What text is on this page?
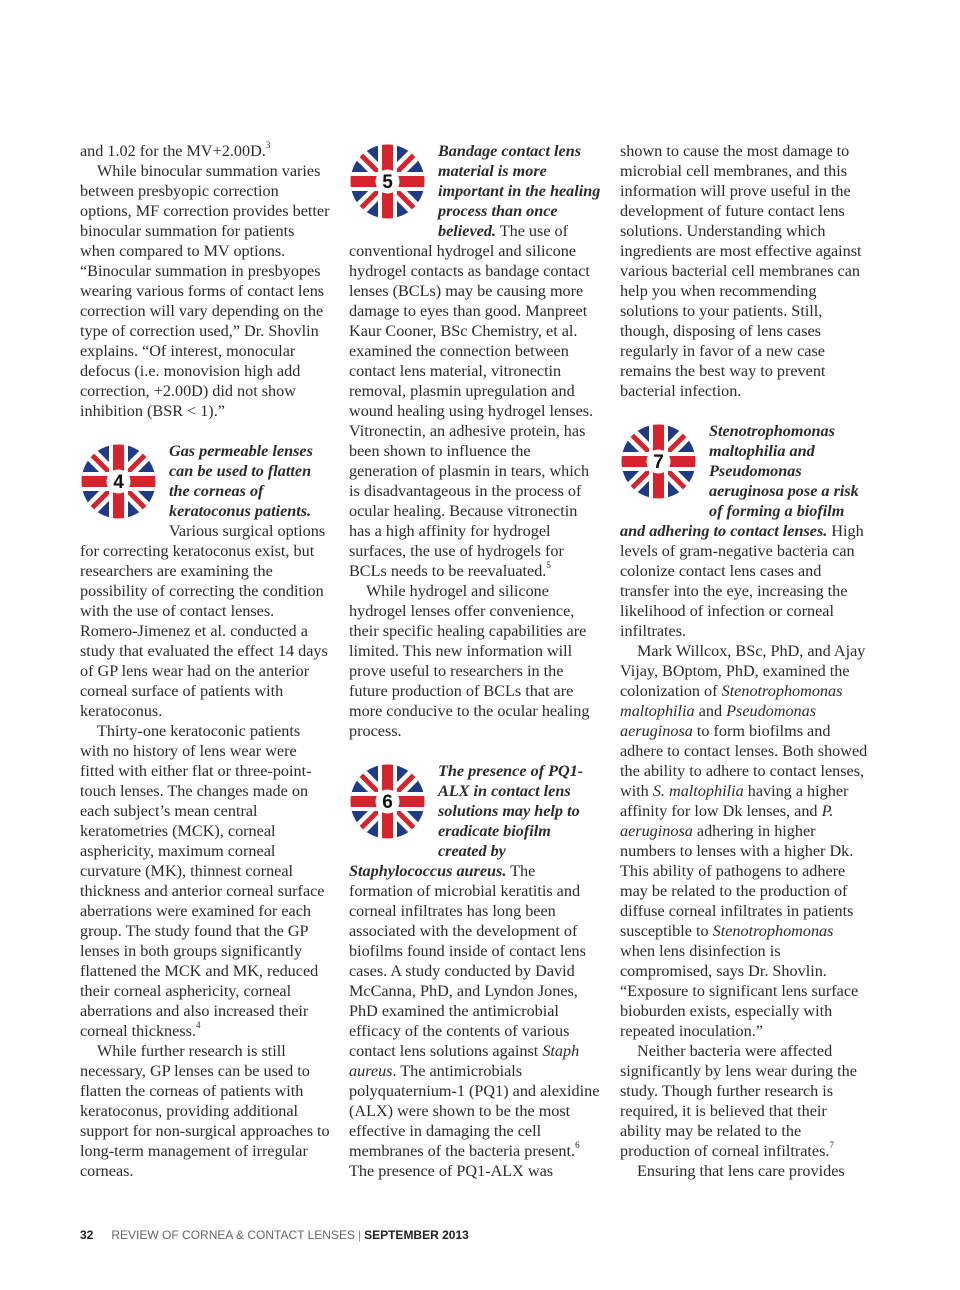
and 1.02 for the MV+2.00D.$^3$

While binocular summation varies between presbyopic correction options, MF correction provides better binocular summation for patients when compared to MV options. “Binocular summation in presbyopes wearing various forms of contact lens correction will vary depending on the type of correction used,” Dr. Shovlin explains. “Of interest, monocular defocus (i.e. monovision high add correction, +2.00D) did not show inhibition (BSR < 1).”

4

Gas permeable lenses can be used to flatten the corneas of keratoconus patients. Various surgical options for correcting keratoconus exist, but researchers are examining the possibility of correcting the condition with the use of contact lenses. Romero-Jimenez et al. conducted a study that evaluated the effect 14 days of GP lens wear had on the anterior corneal surface of patients with keratoconus.

Thirty-one keratoconic patients with no history of lens wear were fitted with either flat or three-point-touch lenses. The changes made on each subject’s mean central keratometries (MCK), corneal asphericity, maximum corneal curvature (MK), thinnest corneal thickness and anterior corneal surface aberrations were examined for each group. The study found that the GP lenses in both groups significantly flattened the MCK and MK, reduced their corneal asphericity, corneal aberrations and also increased their corneal thickness.$^4$

While further research is still necessary, GP lenses can be used to flatten the corneas of patients with keratoconus, providing additional support for non-surgical approaches to long-term management of irregular corneas.

5

Bandage contact lens material is more important in the healing process than once believed. The use of conventional hydrogel and silicone hydrogel contacts as bandage contact lenses (BCLs) may be causing more damage to eyes than good. Manpreet Kaur Cooner, BSc Chemistry, et al. examined the connection between contact lens material, vitronectin removal, plasmin upregulation and wound healing using hydrogel lenses. Vitronectin, an adhesive protein, has been shown to influence the generation of plasmin in tears, which is disadvantageous in the process of ocular healing. Because vitronectin has a high affinity for hydrogel surfaces, the use of hydrogels for BCLs needs to be reevaluated.$^5$

While hydrogel and silicone hydrogel lenses offer convenience, their specific healing capabilities are limited. This new information will prove useful to researchers in the future production of BCLs that are more conducive to the ocular healing process.

6

The presence of PQ1-ALX in contact lens solutions may help to eradicate biofilm created by Staphylococcus aureus. The formation of microbial keratitis and corneal infiltrates has long been associated with the development of biofilms found inside of contact lens cases. A study conducted by David McCanna, PhD, and Lyndon Jones, PhD examined the antimicrobial efficacy of the contents of various contact lens solutions against Staph aureus. The antimicrobials polyquaternium-1 (PQ1) and alexidine (ALX) were shown to be the most effective in damaging the cell membranes of the bacteria present.$^6$

The presence of PQ1-ALX was

shown to cause the most damage to microbial cell membranes, and this information will prove useful in the development of future contact lens solutions. Understanding which ingredients are most effective against various bacterial cell membranes can help you when recommending solutions to your patients. Still, though, disposing of lens cases regularly in favor of a new case remains the best way to prevent bacterial infection.

7

Stenotrophomonas maltophilia and Pseudomonas aeruginosa pose a risk of forming a biofilm and adhering to contact lenses. High levels of gram-negative bacteria can colonize contact lens cases and transfer into the eye, increasing the likelihood of infection or corneal infiltrates.

Mark Willcox, BSc, PhD, and Ajay Vijay, BOptom, PhD, examined the colonization of Stenotrophomonas maltophilia and Pseudomonas aeruginosa to form biofilms and adhere to contact lenses. Both showed the ability to adhere to contact lenses, with S. maltophilia having a higher affinity for low Dk lenses, and P. aeruginosa adhering in higher numbers to lenses with a higher Dk. This ability of pathogens to adhere may be related to the production of diffuse corneal infiltrates in patients susceptible to Stenotrophomonas when lens disinfection is compromised, says Dr. Shovlin. “Exposure to significant lens surface bioburden exists, especially with repeated inoculation.”

Neither bacteria were affected significantly by lens wear during the study. Though further research is required, it is believed that their ability may be related to the production of corneal infiltrates.$^7$

Ensuring that lens care provides

32 REVIEW OF CORNEA & CONTACT LENSES | SEPTEMBER 2013
